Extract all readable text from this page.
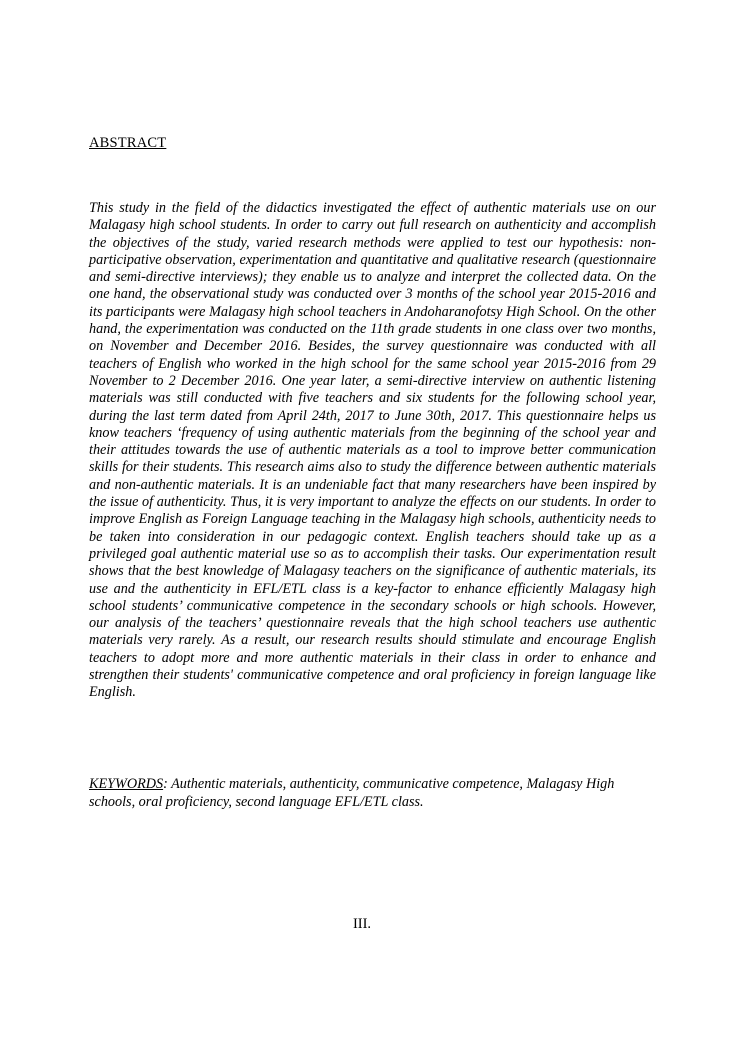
ABSTRACT

This study in the field of the didactics investigated the effect of authentic materials use on our Malagasy high school students. In order to carry out full research on authenticity and accomplish the objectives of the study, varied research methods were applied to test our hypothesis: non-participative observation, experimentation and quantitative and qualitative research (questionnaire and semi-directive interviews); they enable us to analyze and interpret the collected data. On the one hand, the observational study was conducted over 3 months of the school year 2015-2016 and its participants were Malagasy high school teachers in Andoharanofotsy High School. On the other hand, the experimentation was conducted on the 11th grade students in one class over two months, on November and December 2016. Besides, the survey questionnaire was conducted with all teachers of English who worked in the high school for the same school year 2015-2016 from 29 November to 2 December 2016. One year later, a semi-directive interview on authentic listening materials was still conducted with five teachers and six students for the following school year, during the last term dated from April 24th, 2017 to June 30th, 2017. This questionnaire helps us know teachers ‘frequency of using authentic materials from the beginning of the school year and their attitudes towards the use of authentic materials as a tool to improve better communication skills for their students. This research aims also to study the difference between authentic materials and non-authentic materials. It is an undeniable fact that many researchers have been inspired by the issue of authenticity. Thus, it is very important to analyze the effects on our students. In order to improve English as Foreign Language teaching in the Malagasy high schools, authenticity needs to be taken into consideration in our pedagogic context. English teachers should take up as a privileged goal authentic material use so as to accomplish their tasks. Our experimentation result shows that the best knowledge of Malagasy teachers on the significance of authentic materials, its use and the authenticity in EFL/ETL class is a key-factor to enhance efficiently Malagasy high school students’ communicative competence in the secondary schools or high schools. However, our analysis of the teachers’ questionnaire reveals that the high school teachers use authentic materials very rarely. As a result, our research results should stimulate and encourage English teachers to adopt more and more authentic materials in their class in order to enhance and strengthen their students' communicative competence and oral proficiency in foreign language like English.

KEYWORDS: Authentic materials, authenticity, communicative competence, Malagasy High schools, oral proficiency, second language EFL/ETL class.

III.
